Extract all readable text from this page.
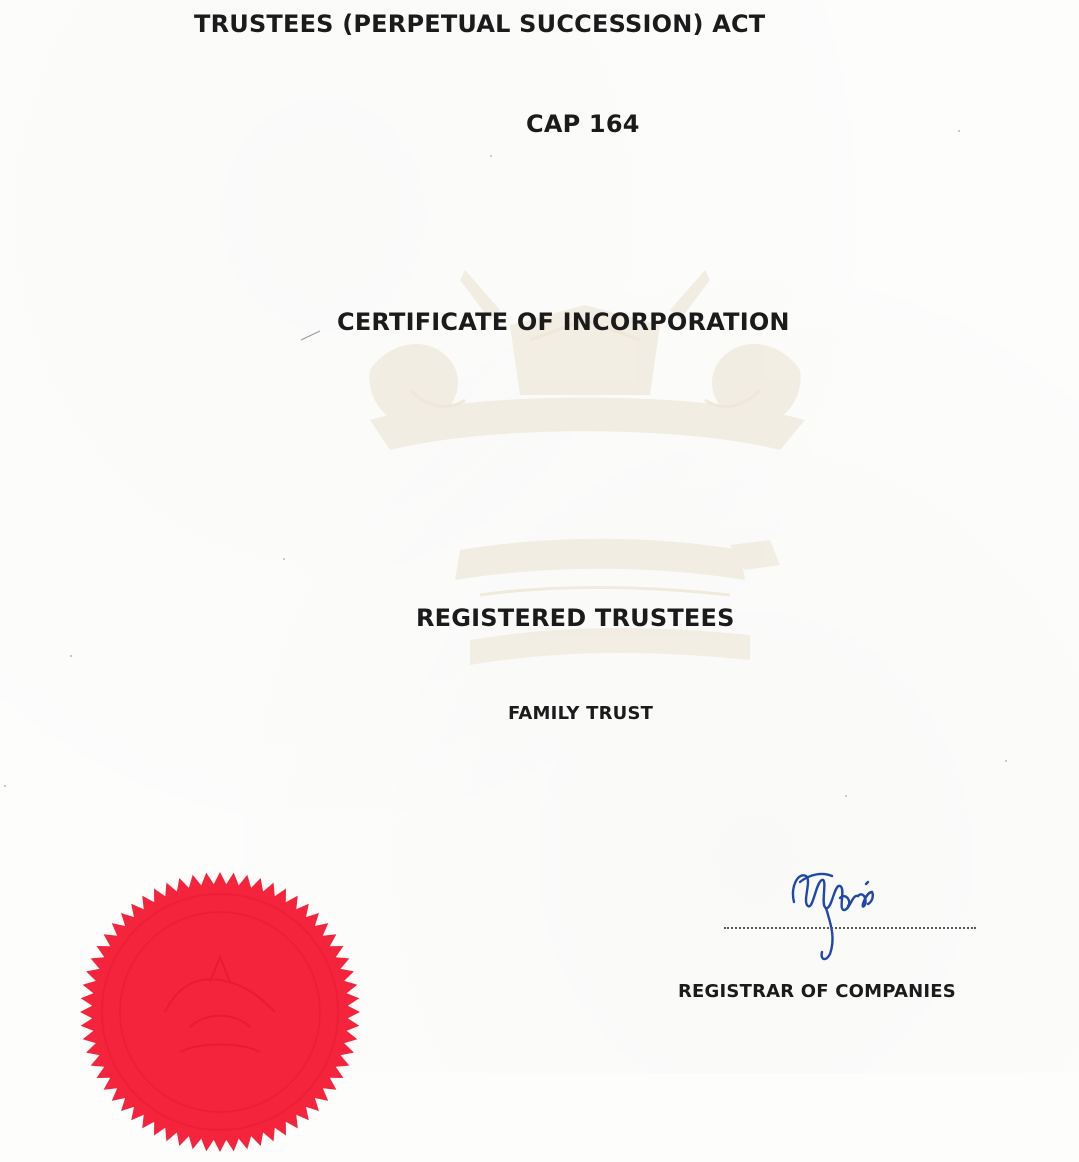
TRUSTEES (PERPETUAL SUCCESSION) ACT
CAP 164
CERTIFICATE OF INCORPORATION
REGISTERED TRUSTEES
FAMILY TRUST
REGISTRAR OF COMPANIES
